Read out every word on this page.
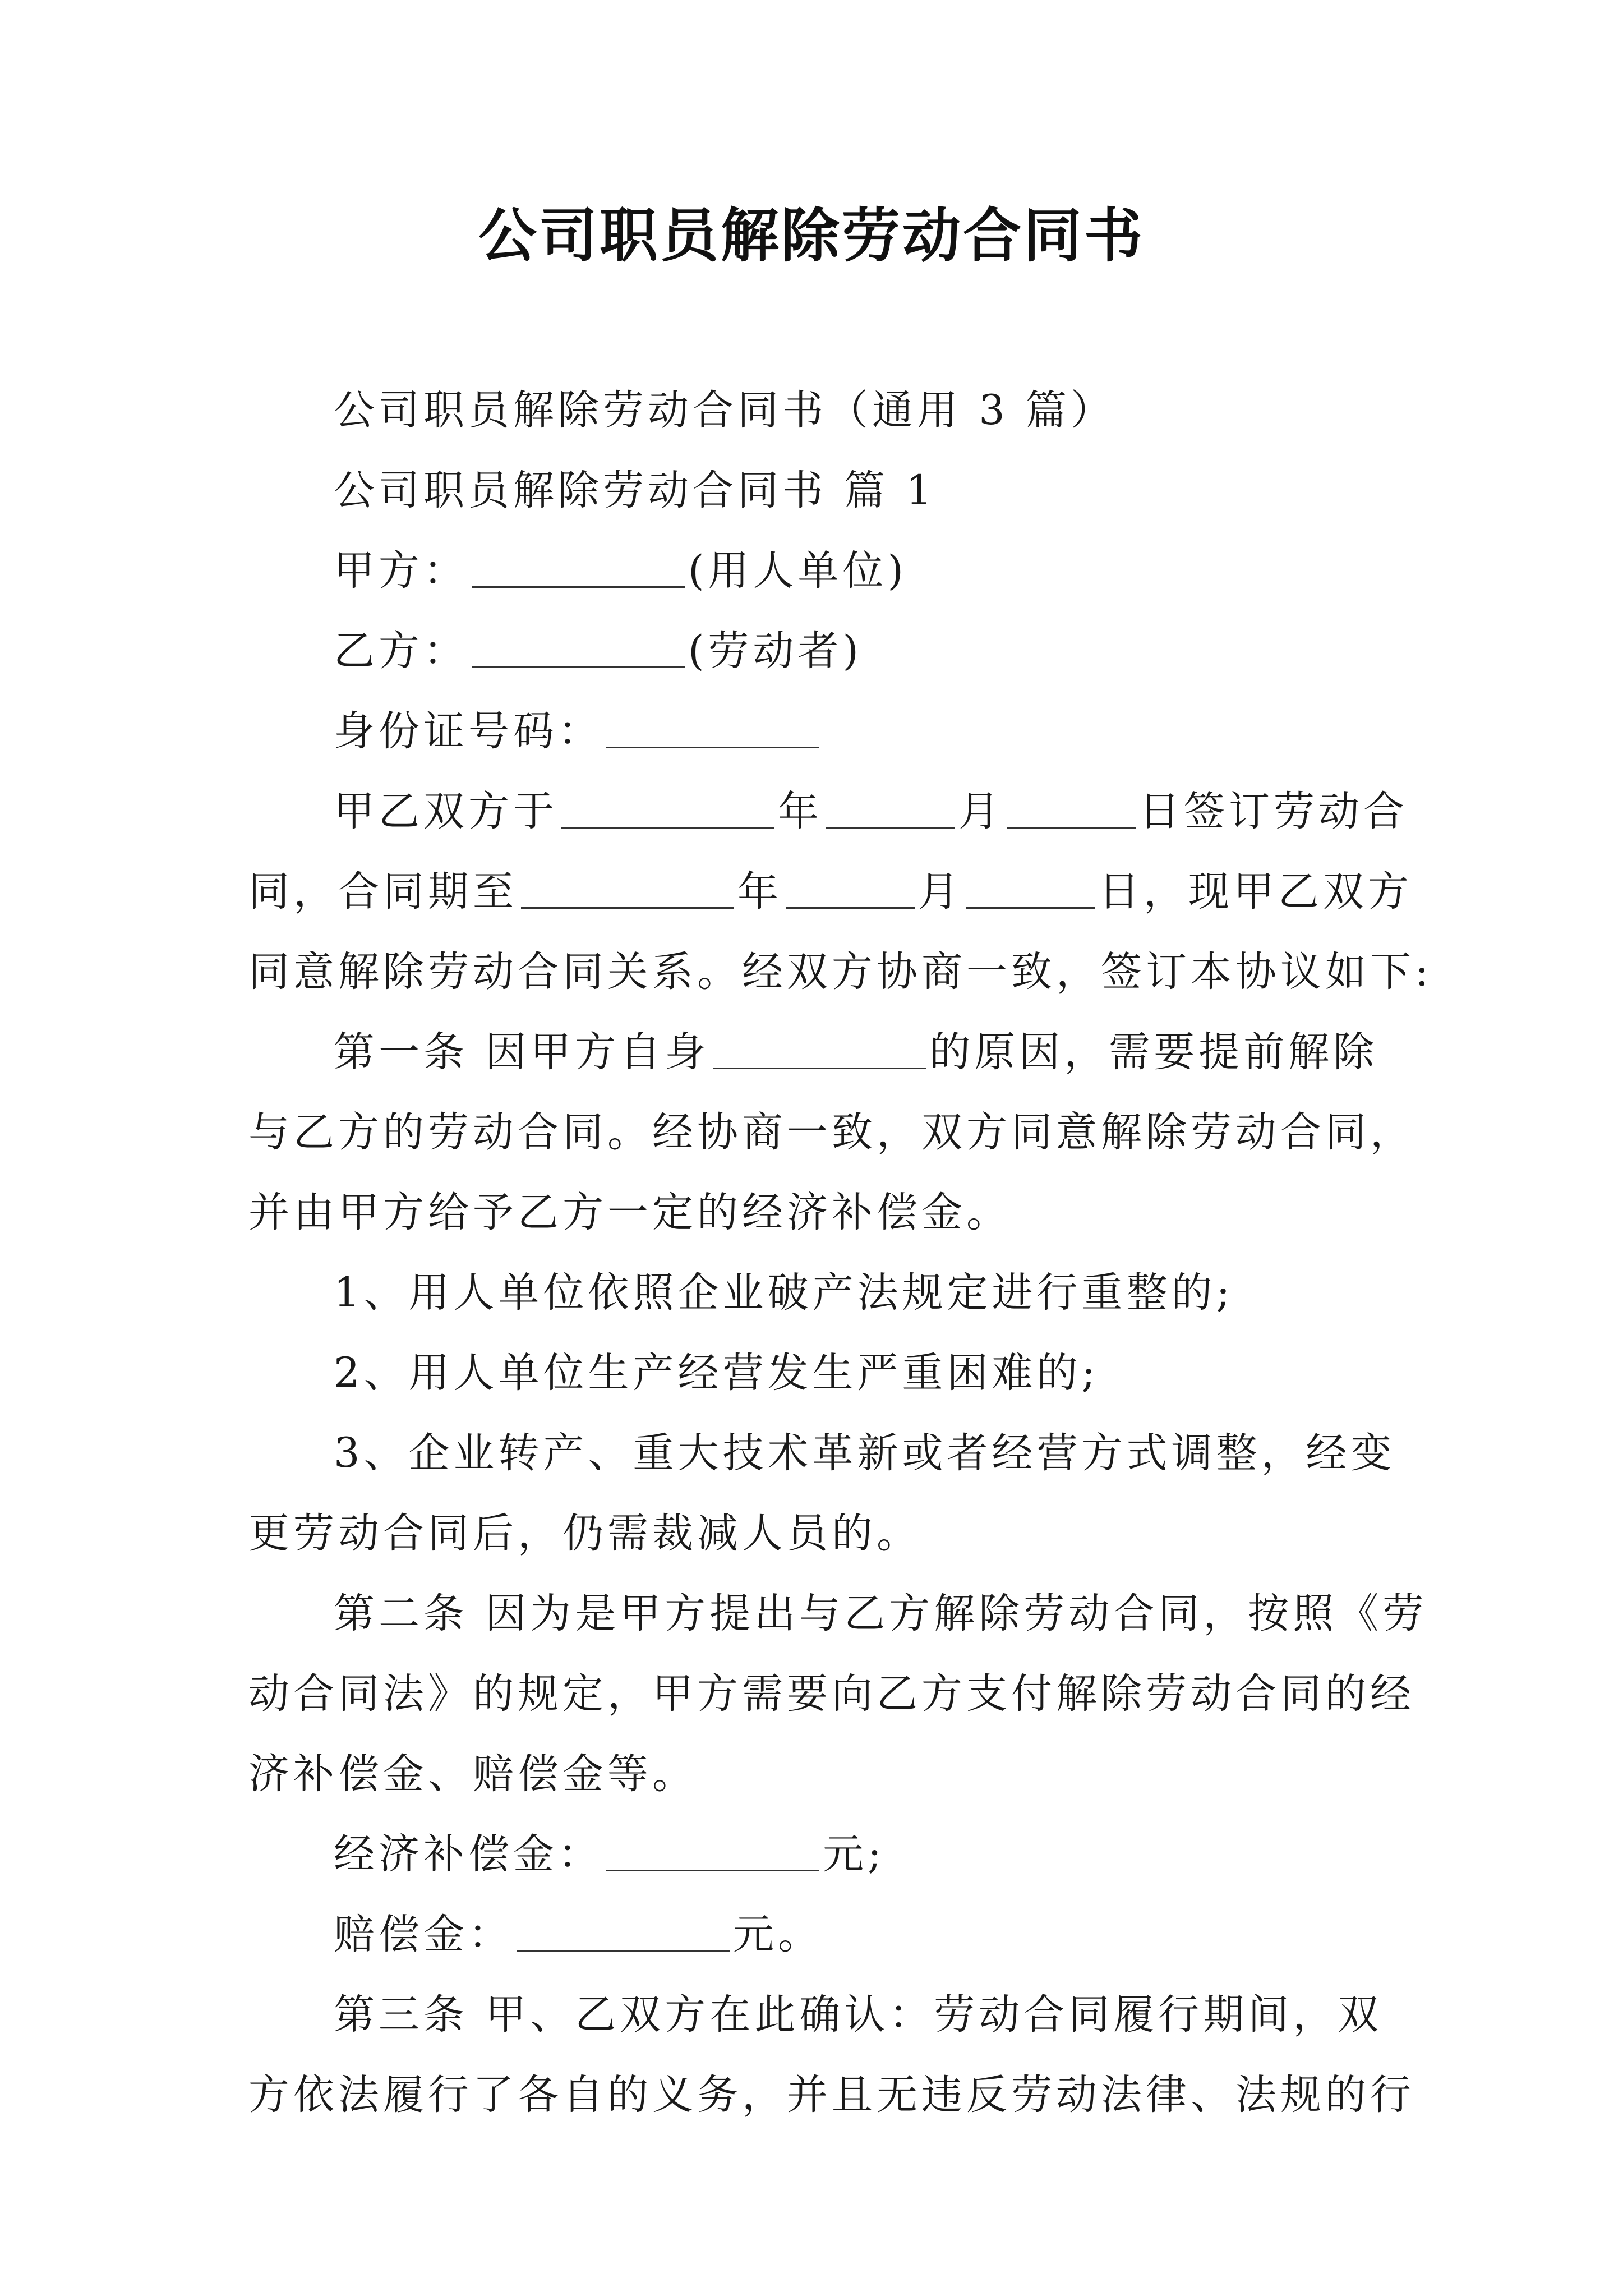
公司职员解除劳动合同书
公司职员解除劳动合同书（通用 3 篇）
公司职员解除劳动合同书 篇 1
甲方：	(用人单位)
乙方：	(劳动者)
身份证号码：
甲乙双方于	年	月	日签订劳动合
同，合同期至	年	月	日，现甲乙双方
同意解除劳动合同关系。经双方协商一致，签订本协议如下:
第一条 因甲方自身	的原因，需要提前解除
与乙方的劳动合同。经协商一致，双方同意解除劳动合同，
并由甲方给予乙方一定的经济补偿金。
1、用人单位依照企业破产法规定进行重整的;
2、用人单位生产经营发生严重困难的;
3、企业转产、重大技术革新或者经营方式调整，经变
更劳动合同后，仍需裁减人员的。
第二条 因为是甲方提出与乙方解除劳动合同，按照《劳
动合同法》的规定，甲方需要向乙方支付解除劳动合同的经
济补偿金、赔偿金等。
经济补偿金：	元;
赔偿金：	元。
第三条 甲、乙双方在此确认：劳动合同履行期间，双
方依法履行了各自的义务，并且无违反劳动法律、法规的行
